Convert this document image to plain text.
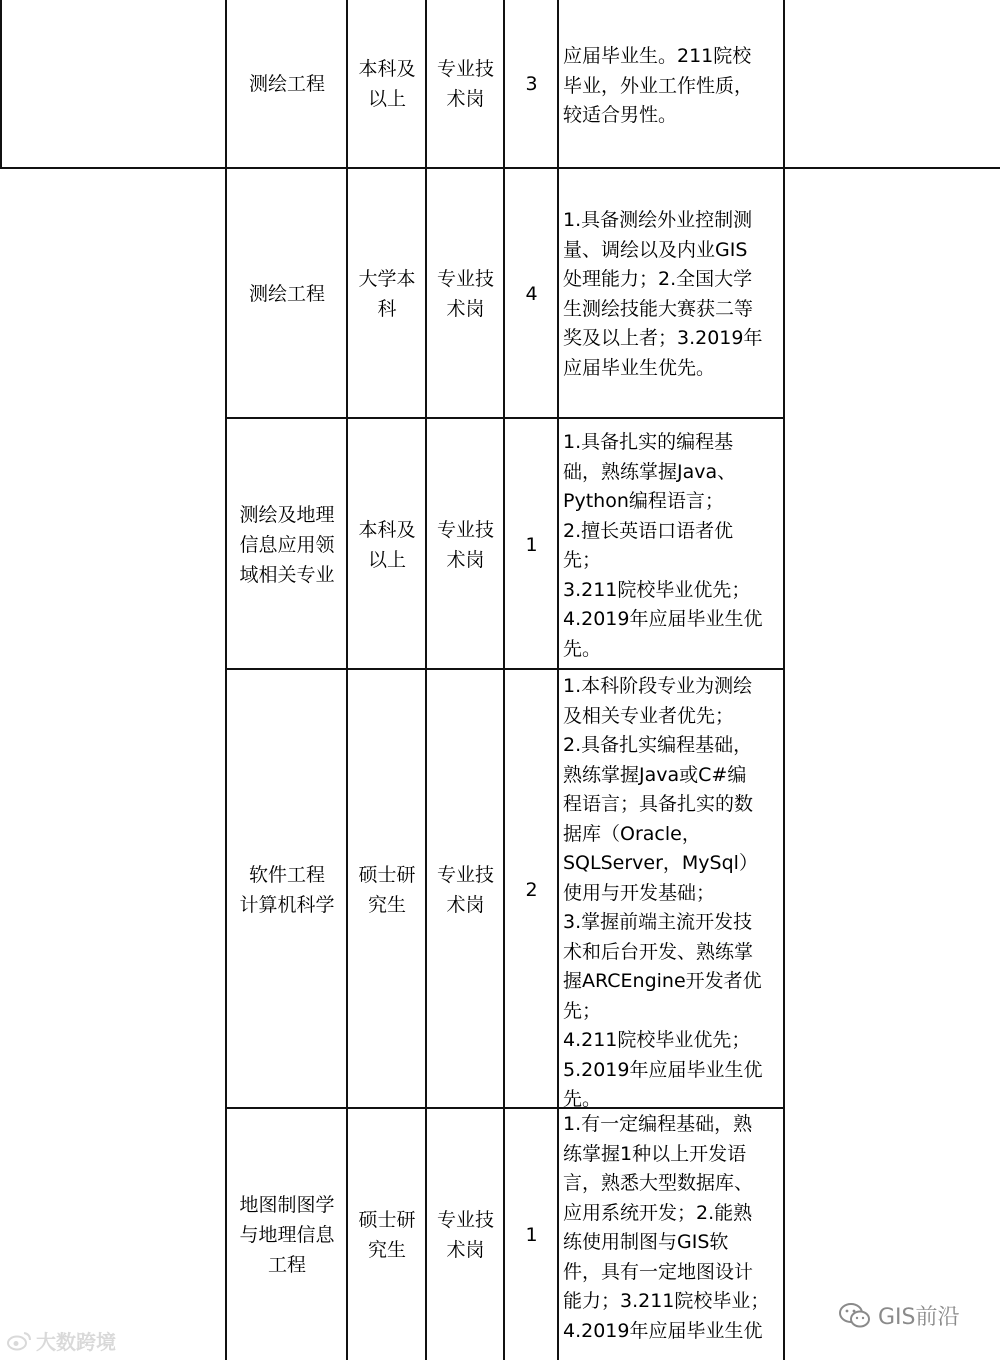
测绘工程
本科及
以上
专业技
术岗
3
应届毕业生。211院校
毕业，外业工作性质，
较适合男性。
测绘工程
大学本
科
专业技
术岗
4
1.具备测绘外业控制测
量、调绘以及内业GIS
处理能力；2.全国大学
生测绘技能大赛获二等
奖及以上者；3.2019年
应届毕业生优先。
测绘及地理
信息应用领
域相关专业
本科及
以上
专业技
术岗
1
1.具备扎实的编程基
础，熟练掌握Java、
Python编程语言；
2.擅长英语口语者优
先；
3.211院校毕业优先；
4.2019年应届毕业生优
先。
软件工程
计算机科学
硕士研
究生
专业技
术岗
2
1.本科阶段专业为测绘
及相关专业者优先；
2.具备扎实编程基础，
熟练掌握Java或C#编
程语言；具备扎实的数
据库（Oracle，
SQLServer，MySql）
使用与开发基础；
3.掌握前端主流开发技
术和后台开发、熟练掌
握ARCEngine开发者优
先；
4.211院校毕业优先；
5.2019年应届毕业生优
先。
地图制图学
与地理信息
工程
硕士研
究生
专业技
术岗
1
1.有一定编程基础，熟
练掌握1种以上开发语
言，熟悉大型数据库、
应用系统开发；2.能熟
练使用制图与GIS软
件，具有一定地图设计
能力；3.211院校毕业；
4.2019年应届毕业生优
大数跨境
GIS前沿
